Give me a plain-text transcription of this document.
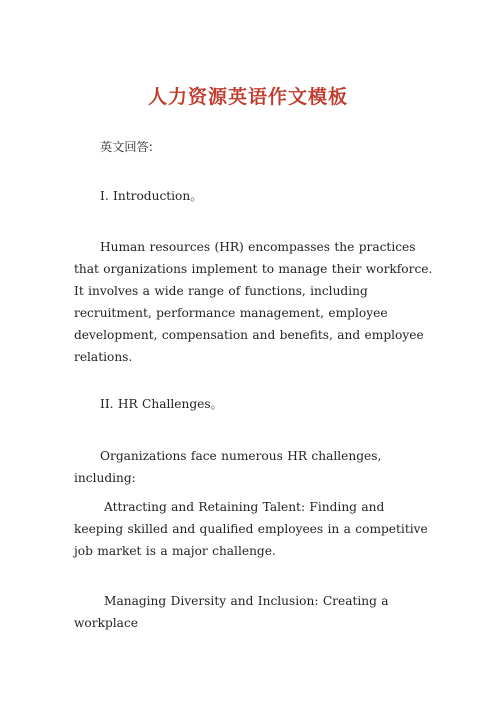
人力资源英语作文模板
英文回答:
I. Introduction。
Human resources (HR) encompasses the practices that organizations implement to manage their workforce. It involves a wide range of functions, including recruitment, performance management, employee development, compensation and benefits, and employee relations.
II. HR Challenges。
Organizations face numerous HR challenges, including:
Attracting and Retaining Talent: Finding and keeping skilled and qualified employees in a competitive job market is a major challenge.
Managing Diversity and Inclusion: Creating a workplace
